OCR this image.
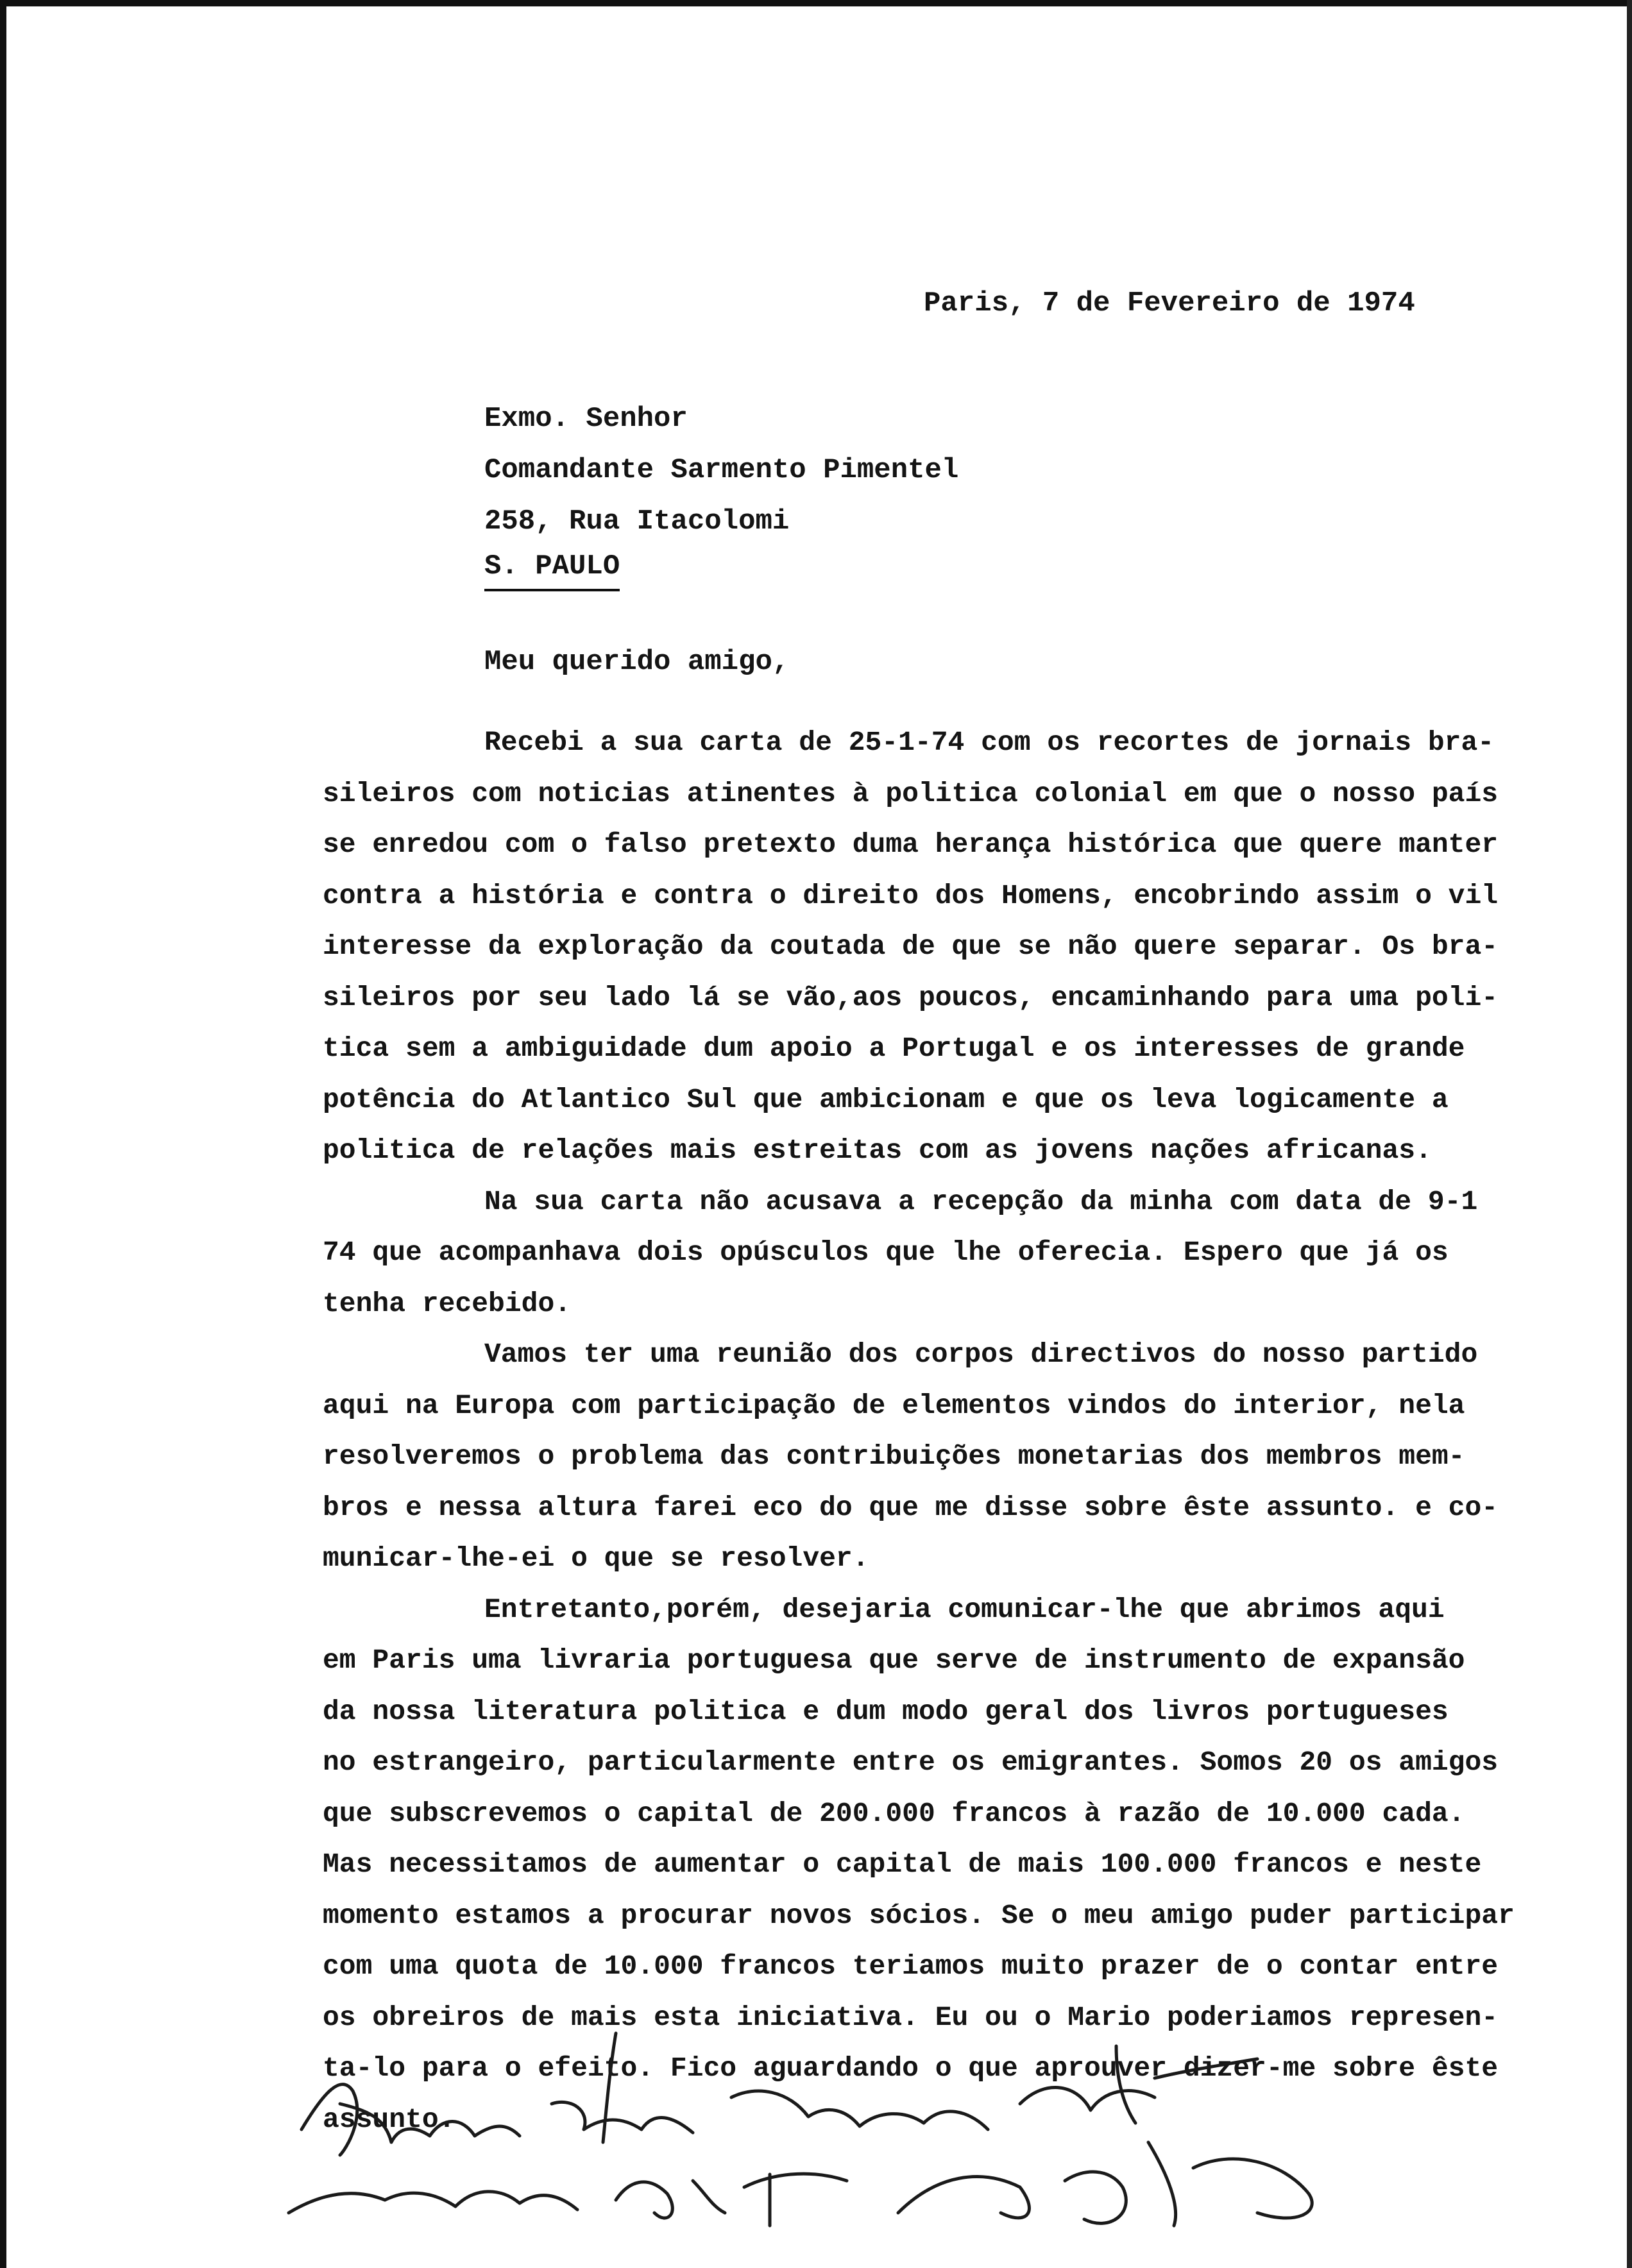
Paris, 7 de Fevereiro de 1974
Exmo. Senhor
Comandante Sarmento Pimentel
258, Rua Itacolomi
S. PAULO
Meu querido amigo,
Recebi a sua carta de 25-1-74 com os recortes de jornais bra-
sileiros com noticias atinentes à politica colonial em que o nosso país
se enredou com o falso pretexto duma herança histórica que quere manter
contra a história e contra o direito dos Homens, encobrindo assim o vil
interesse da exploração da coutada de que se não quere separar. Os bra-
sileiros por seu lado lá se vão,aos poucos, encaminhando para uma poli-
tica sem a ambiguidade dum apoio a Portugal e os interesses de grande
potência do Atlantico Sul que ambicionam e que os leva logicamente a
politica de relações mais estreitas com as jovens nações africanas.
Na sua carta não acusava a recepção da minha com data de 9-1
74 que acompanhava dois opúsculos que lhe oferecia. Espero que já os
tenha recebido.
Vamos ter uma reunião dos corpos directivos do nosso partido
aqui na Europa com participação de elementos vindos do interior, nela
resolveremos o problema das contribuições monetarias dos membros mem-
bros e nessa altura farei eco do que me disse sobre êste assunto. e co-
municar-lhe-ei o que se resolver.
Entretanto,porém, desejaria comunicar-lhe que abrimos aqui
em Paris uma livraria portuguesa que serve de instrumento de expansão
da nossa literatura politica e dum modo geral dos livros portugueses
no estrangeiro, particularmente entre os emigrantes. Somos 20 os amigos
que subscrevemos o capital de 200.000 francos à razão de 10.000 cada.
Mas necessitamos de aumentar o capital de mais 100.000 francos e neste
momento estamos a procurar novos sócios. Se o meu amigo puder participar
com uma quota de 10.000 francos teriamos muito prazer de o contar entre
os obreiros de mais esta iniciativa. Eu ou o Mario poderiamos represen-
ta-lo para o efeito. Fico aguardando o que aprouver dizer-me sobre êste
assunto.
